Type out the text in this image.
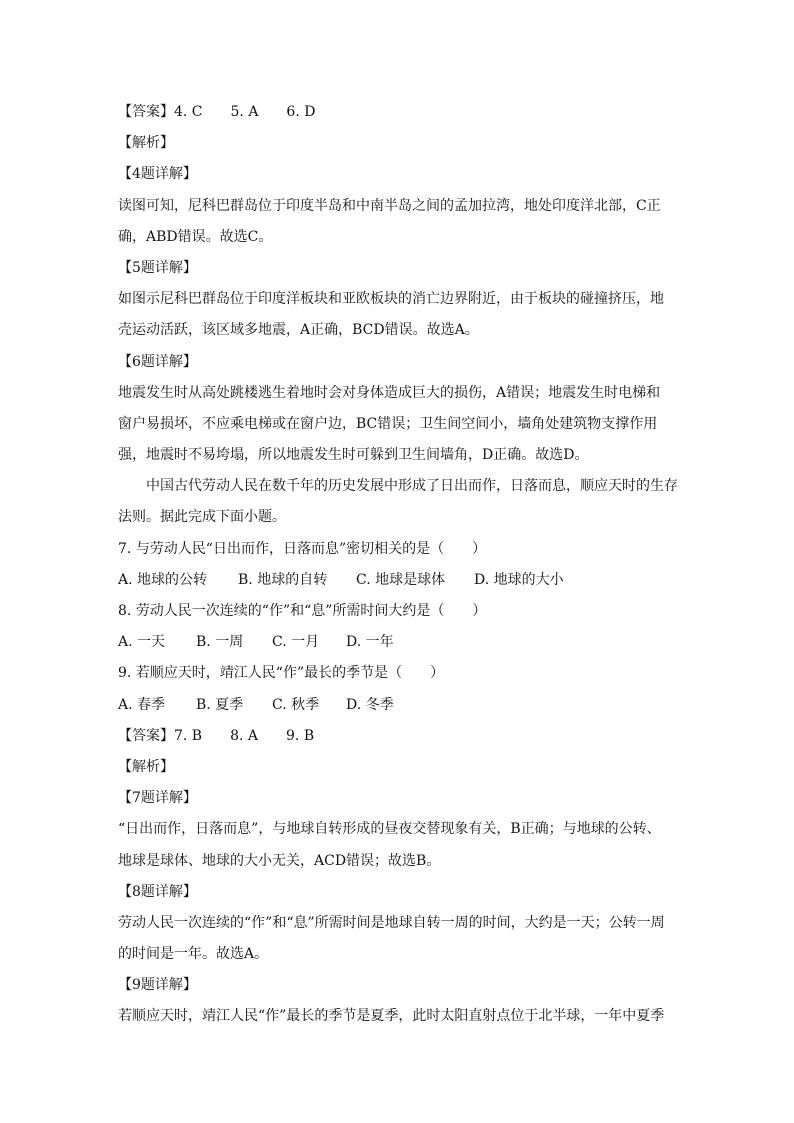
【答案】4. C　　5. A　　6. D
【解析】
【4题详解】
读图可知，尼科巴群岛位于印度半岛和中南半岛之间的孟加拉湾，地处印度洋北部，C正
确，ABD错误。故选C。
【5题详解】
如图示尼科巴群岛位于印度洋板块和亚欧板块的消亡边界附近，由于板块的碰撞挤压，地
壳运动活跃，该区域多地震，A正确，BCD错误。故选A。
【6题详解】
地震发生时从高处跳楼逃生着地时会对身体造成巨大的损伤，A错误；地震发生时电梯和
窗户易损坏，不应乘电梯或在窗户边，BC错误；卫生间空间小，墙角处建筑物支撑作用
强，地震时不易垮塌，所以地震发生时可躲到卫生间墙角，D正确。故选D。
中国古代劳动人民在数千年的历史发展中形成了日出而作，日落而息，顺应天时的生存
法则。据此完成下面小题。
7. 与劳动人民“日出而作，日落而息”密切相关的是（　　）
A. 地球的公转 B. 地球的自转 C. 地球是球体 D. 地球的大小
8. 劳动人民一次连续的“作”和“息”所需时间大约是（　　）
A. 一天 B. 一周 C. 一月 D. 一年
9. 若顺应天时，靖江人民“作”最长的季节是（　　）
A. 春季 B. 夏季 C. 秋季 D. 冬季
【答案】7. B　　8. A　　9. B
【解析】
【7题详解】
“日出而作，日落而息”，与地球自转形成的昼夜交替现象有关，B正确；与地球的公转、
地球是球体、地球的大小无关，ACD错误；故选B。
【8题详解】
劳动人民一次连续的“作”和“息”所需时间是地球自转一周的时间，大约是一天；公转一周
的时间是一年。故选A。
【9题详解】
若顺应天时，靖江人民“作”最长的季节是夏季，此时太阳直射点位于北半球，一年中夏季
